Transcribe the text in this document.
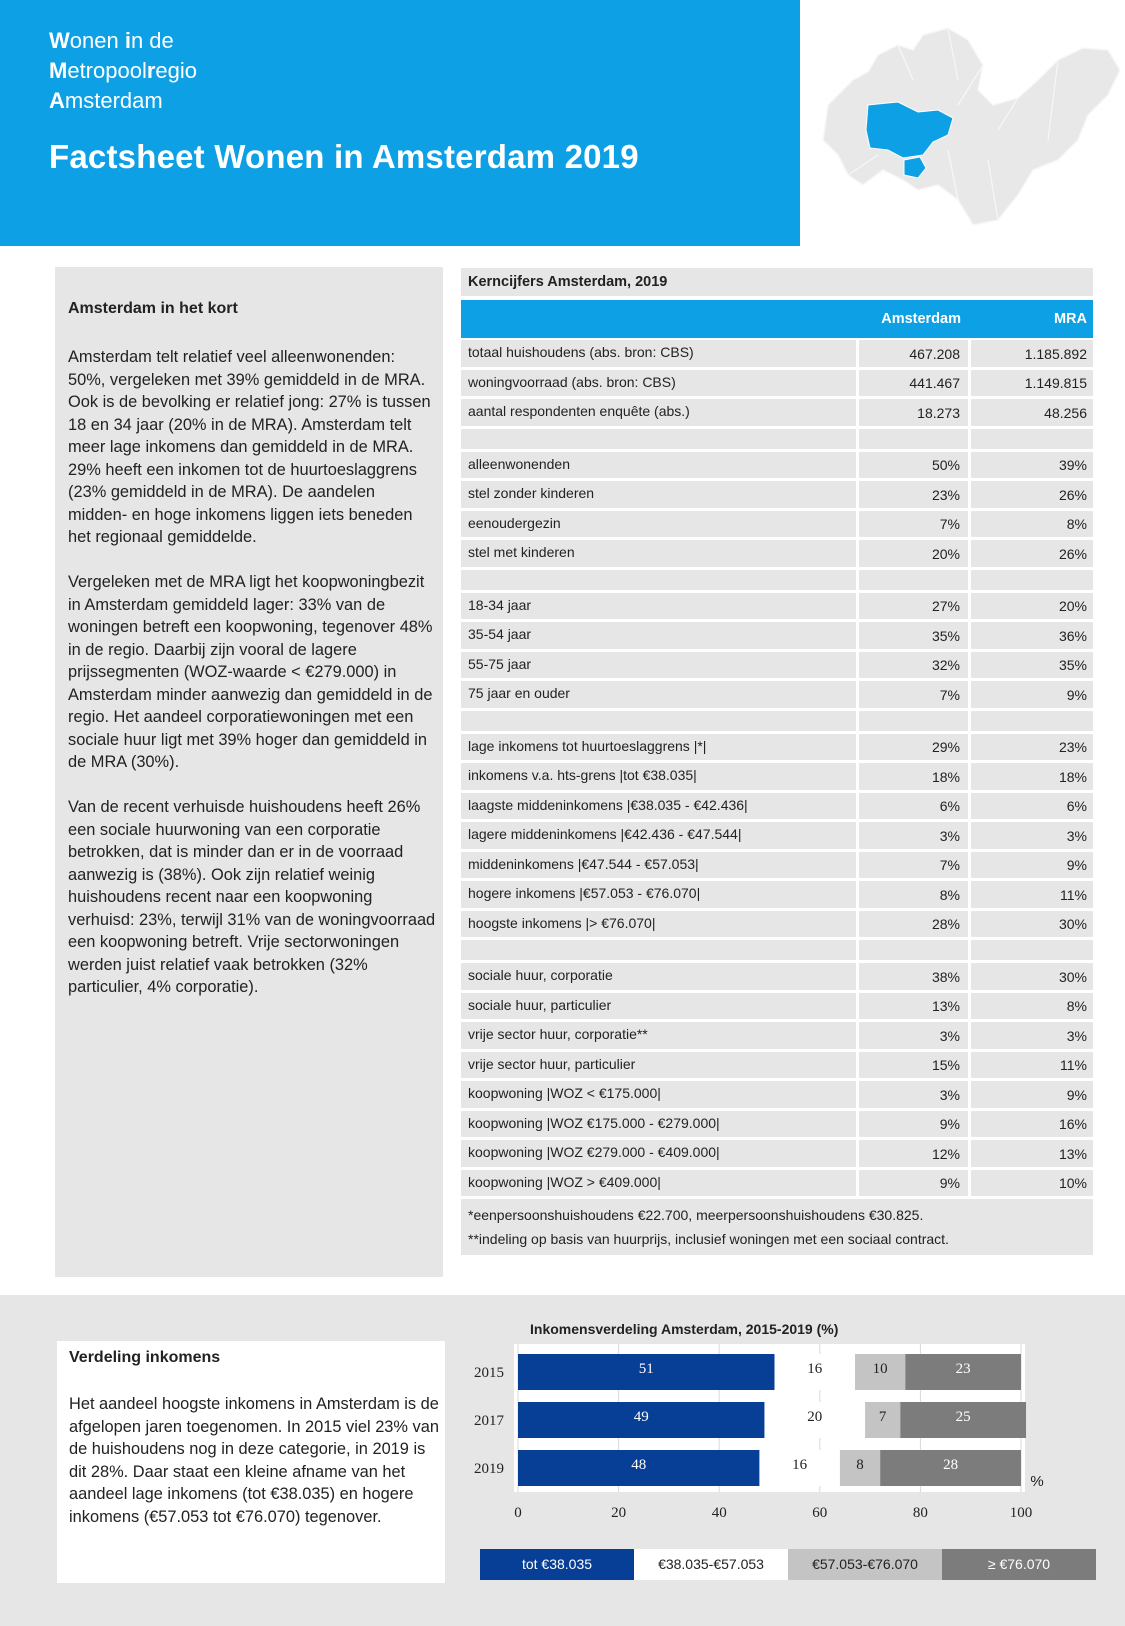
Wonen in de
Metropoolregio
Amsterdam
Factsheet Wonen in Amsterdam 2019
Amsterdam in het kort

Amsterdam telt relatief veel alleenwonenden: 50%, vergeleken met 39% gemiddeld in de MRA. Ook is de bevolking er relatief jong: 27% is tussen 18 en 34 jaar (20% in de MRA). Amsterdam telt meer lage inkomens dan gemiddeld in de MRA. 29% heeft een inkomen tot de huurtoeslaggrens (23% gemiddeld in de MRA). De aandelen midden- en hoge inkomens liggen iets beneden het regionaal gemiddelde.

Vergeleken met de MRA ligt het koopwoningbezit in Amsterdam gemiddeld lager: 33% van de woningen betreft een koopwoning, tegenover 48% in de regio. Daarbij zijn vooral de lagere prijssegmenten (WOZ-waarde < €279.000) in Amsterdam minder aanwezig dan gemiddeld in de regio. Het aandeel corporatiewoningen met een sociale huur ligt met 39% hoger dan gemiddeld in de MRA (30%).

Van de recent verhuisde huishoudens heeft 26% een sociale huurwoning van een corporatie betrokken, dat is minder dan er in de voorraad aanwezig is (38%). Ook zijn relatief weinig huishoudens recent naar een koopwoning verhuisd: 23%, terwijl 31% van de woningvoorraad een koopwoning betreft. Vrije sectorwoningen werden juist relatief vaak betrokken (32% particulier, 4% corporatie).

Kerncijfers Amsterdam, 2019
Amsterdam	MRA
totaal huishoudens (abs. bron: CBS)	467.208	1.185.892
woningvoorraad (abs. bron: CBS)	441.467	1.149.815
aantal respondenten enquête (abs.)	18.273	48.256

alleenwonenden	50%	39%
stel zonder kinderen	23%	26%
eenoudergezin	7%	8%
stel met kinderen	20%	26%

18-34 jaar	27%	20%
35-54 jaar	35%	36%
55-75 jaar	32%	35%
75 jaar en ouder	7%	9%

lage inkomens tot huurtoeslaggrens |*|	29%	23%
inkomens v.a. hts-grens |tot €38.035|	18%	18%
laagste middeninkomens |€38.035 - €42.436|	6%	6%
lagere middeninkomens |€42.436 - €47.544|	3%	3%
middeninkomens |€47.544 - €57.053|	7%	9%
hogere inkomens |€57.053 - €76.070|	8%	11%
hoogste inkomens |> €76.070|	28%	30%

sociale huur, corporatie	38%	30%
sociale huur, particulier	13%	8%
vrije sector huur, corporatie**	3%	3%
vrije sector huur, particulier	15%	11%
koopwoning |WOZ < €175.000|	3%	9%
koopwoning |WOZ €175.000 - €279.000|	9%	16%
koopwoning |WOZ €279.000 - €409.000|	12%	13%
koopwoning |WOZ > €409.000|	9%	10%
*eenpersoonshuishoudens €22.700, meerpersoonshuishoudens €30.825.
**indeling op basis van huurprijs, inclusief woningen met een sociaal contract.
Verdeling inkomens
Het aandeel hoogste inkomens in Amsterdam is de afgelopen jaren toegenomen. In 2015 viel 23% van de huishoudens nog in deze categorie, in 2019 is dit 28%. Daar staat een kleine afname van het aandeel lage inkomens (tot €38.035) en hogere inkomens (€57.053 tot €76.070) tegenover.
Inkomensverdeling Amsterdam, 2015-2019 (%)
0	20	40	60	80	100
%
2015	51	16	10	23
2017	49	20	7	25
2019	48	16	8	28
tot €38.035	€38.035-€57.053	€57.053-€76.070	≥ €76.070
